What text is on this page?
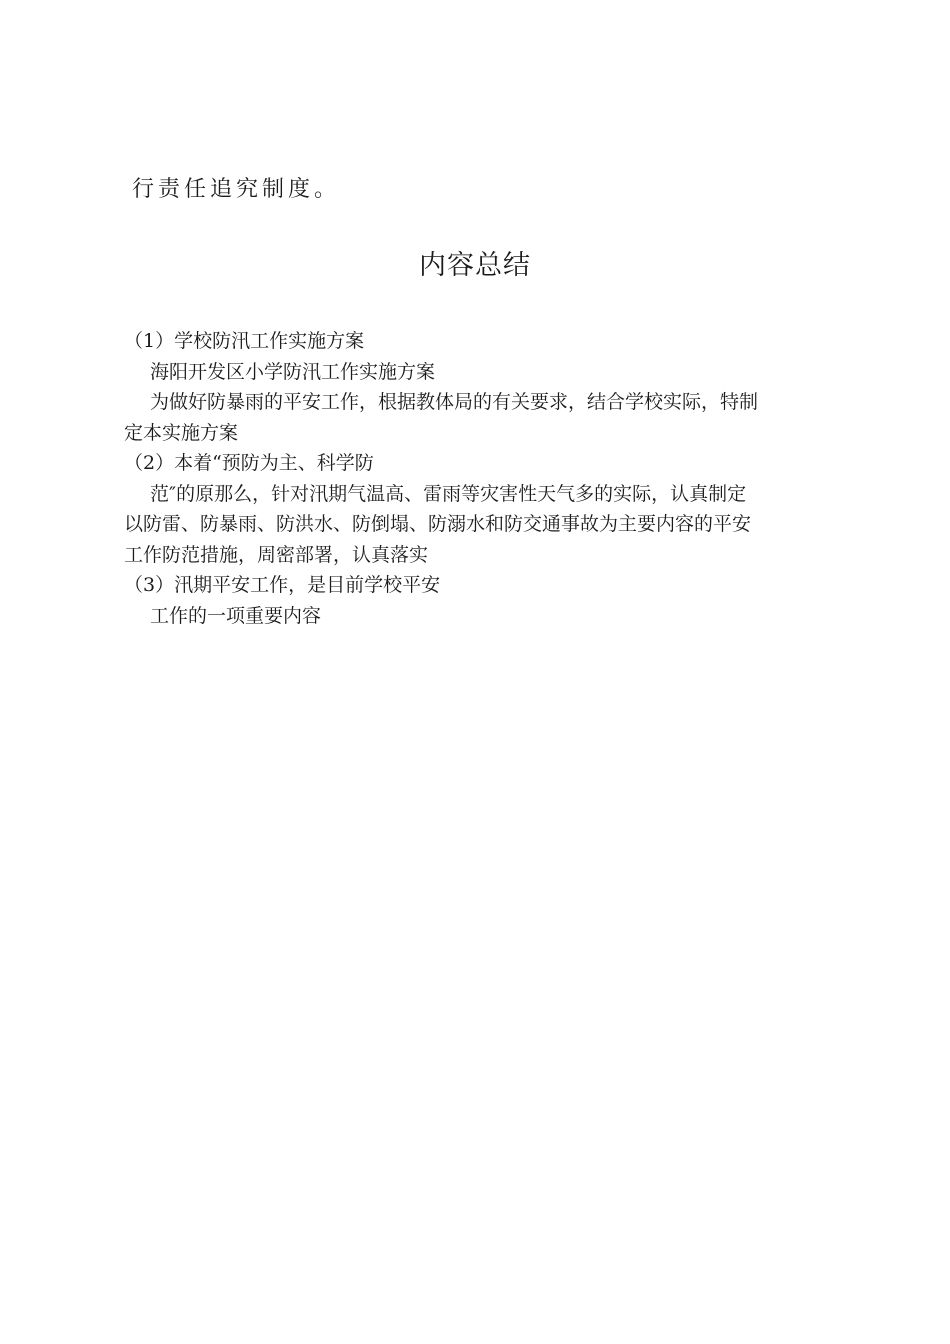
行责任追究制度。
内容总结
（1）学校防汛工作实施方案
海阳开发区小学防汛工作实施方案
为做好防暴雨的平安工作，根据教体局的有关要求，结合学校实际，特制
定本实施方案
（2）本着“预防为主、科学防
范″的原那么，针对汛期气温高、雷雨等灾害性天气多的实际，认真制定
以防雷、防暴雨、防洪水、防倒塌、防溺水和防交通事故为主要内容的平安
工作防范措施，周密部署，认真落实
（3）汛期平安工作，是目前学校平安
工作的一项重要内容
